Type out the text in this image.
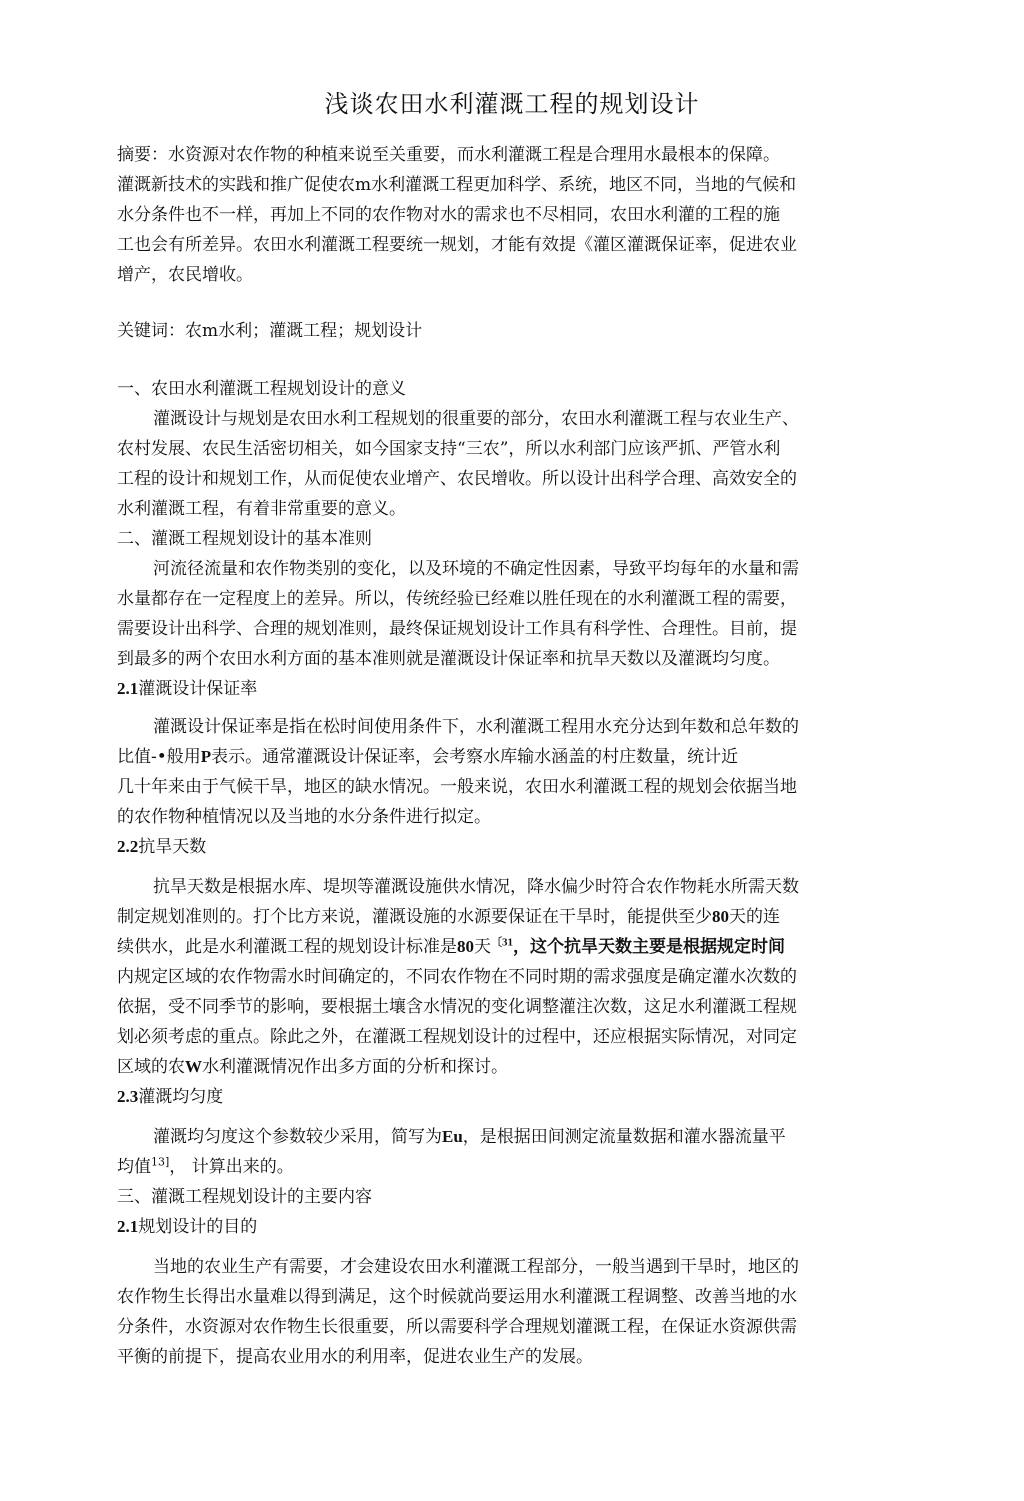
浅谈农田水利灌溉工程的规划设计
摘要：水资源对农作物的种植来说至关重要，而水利灌溉工程是合理用水最根本的保障。
灌溉新技术的实践和推广促使农m水利灌溉工程更加科学、系统，地区不同，当地的气候和
水分条件也不一样，再加上不同的农作物对水的需求也不尽相同，农田水利灌的工程的施
工也会有所差异。农田水利灌溉工程要统一规划，才能有效提《灌区灌溉保证率，促进农业
增产，农民增收。
关键词：农m水利；灌溉工程；规划设计
一、农田水利灌溉工程规划设计的意义
灌溉设计与规划是农田水利工程规划的很重要的部分，农田水利灌溉工程与农业生产、
农村发展、农民生活密切相关，如今国家支持“三农”，所以水利部门应该严抓、严管水利
工程的设计和规划工作，从而促使农业增产、农民增收。所以设计出科学合理、高效安全的
水利灌溉工程，有着非常重要的意义。
二、灌溉工程规划设计的基本准则
河流径流量和农作物类别的变化，以及环境的不确定性因素，导致平均每年的水量和需
水量都存在一定程度上的差异。所以，传统经验已经难以胜任现在的水利灌溉工程的需要，
需要设计出科学、合理的规划准则，最终保证规划设计工作具有科学性、合理性。目前，提
到最多的两个农田水利方面的基本准则就是灌溉设计保证率和抗旱天数以及灌溉均匀度。
2.1灌溉设计保证率
灌溉设计保证率是指在松时间使用条件下，水利灌溉工程用水充分达到年数和总年数的
比值-•般用P表示。通常灌溉设计保证率，会考察水库输水涵盖的村庄数量，统计近
几十年来由于气候干旱，地区的缺水情况。一般来说，农田水利灌溉工程的规划会依据当地
的农作物种植情况以及当地的水分条件进行拟定。
2.2抗旱天数
抗旱天数是根据水库、堤坝等灌溉设施供水情况，降水偏少时符合农作物耗水所需天数
制定规划准则的。打个比方来说，灌溉设施的水源要保证在干旱时，能提供至少80天的连
续供水，此是水利灌溉工程的规划设计标准是80天$^{〔31}$，这个抗旱天数主要是根据规定时间
内规定区域的农作物需水时间确定的，不同农作物在不同时期的需求强度是确定灌水次数的
依据，受不同季节的影响，要根据土壤含水情况的变化调整灌注次数，这足水利灌溉工程规
划必须考虑的重点。除此之外，在灌溉工程规划设计的过程中，还应根据实际情况，对同定
区域的农W水利灌溉情况作出多方面的分析和探讨。
2.3灌溉均匀度
灌溉均匀度这个参数较少采用，简写为Eu，是根据田间测定流量数据和灌水器流量平
均值$^{13]}$， 计算出来的。
三、灌溉工程规划设计的主要内容
2.1规划设计的目的
当地的农业生产有需要，才会建设农田水利灌溉工程部分，一般当遇到干旱时，地区的
农作物生长得岀水量难以得到满足，这个时候就尚要运用水利灌溉工程调整、改善当地的水
分条件，水资源对农作物生长很重要，所以需要科学合理规划灌溉工程，在保证水资源供需
平衡的前提下，提高农业用水的利用率，促进农业生产的发展。
